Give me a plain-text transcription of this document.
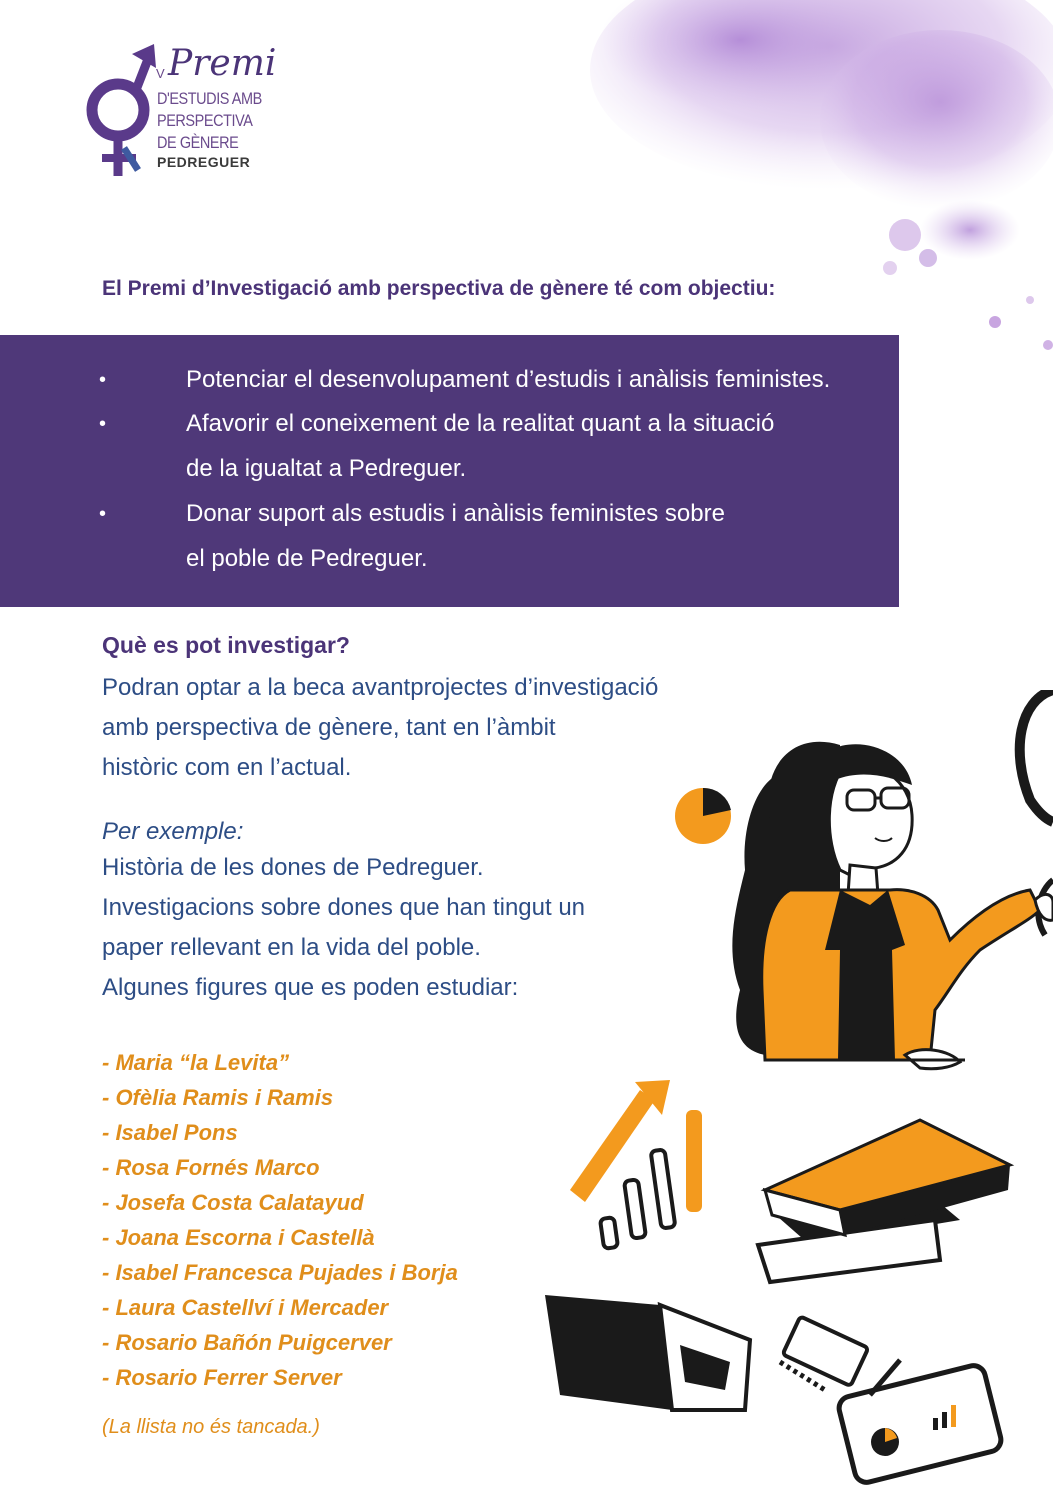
V Premi
D'ESTUDIS AMB
PERSPECTIVA
DE GÈNERE
PEDREGUER
El Premi d’Investigació amb perspectiva de gènere té com objectiu:
•	Potenciar el desenvolupament d’estudis i anàlisis feministes.
•	Afavorir el coneixement de la realitat quant a la situació
de la igualtat a Pedreguer.
•	Donar suport als estudis i anàlisis feministes sobre
el poble de Pedreguer.
Què es pot investigar?
Podran optar a la beca avantprojectes d’investigació
amb perspectiva de gènere, tant en l’àmbit
històric com en l’actual.
Per exemple:
Història de les dones de Pedreguer.
Investigacions sobre dones que han tingut un
paper rellevant en la vida del poble.
Algunes figures que es poden estudiar:
- Maria “la Levita”
- Ofèlia Ramis i Ramis
- Isabel Pons
- Rosa Fornés Marco
- Josefa Costa Calatayud
- Joana Escorna i Castellà
- Isabel Francesca Pujades i Borja
- Laura Castellví i Mercader
- Rosario Bañón Puigcerver
- Rosario Ferrer Server
(La llista no és tancada.)
